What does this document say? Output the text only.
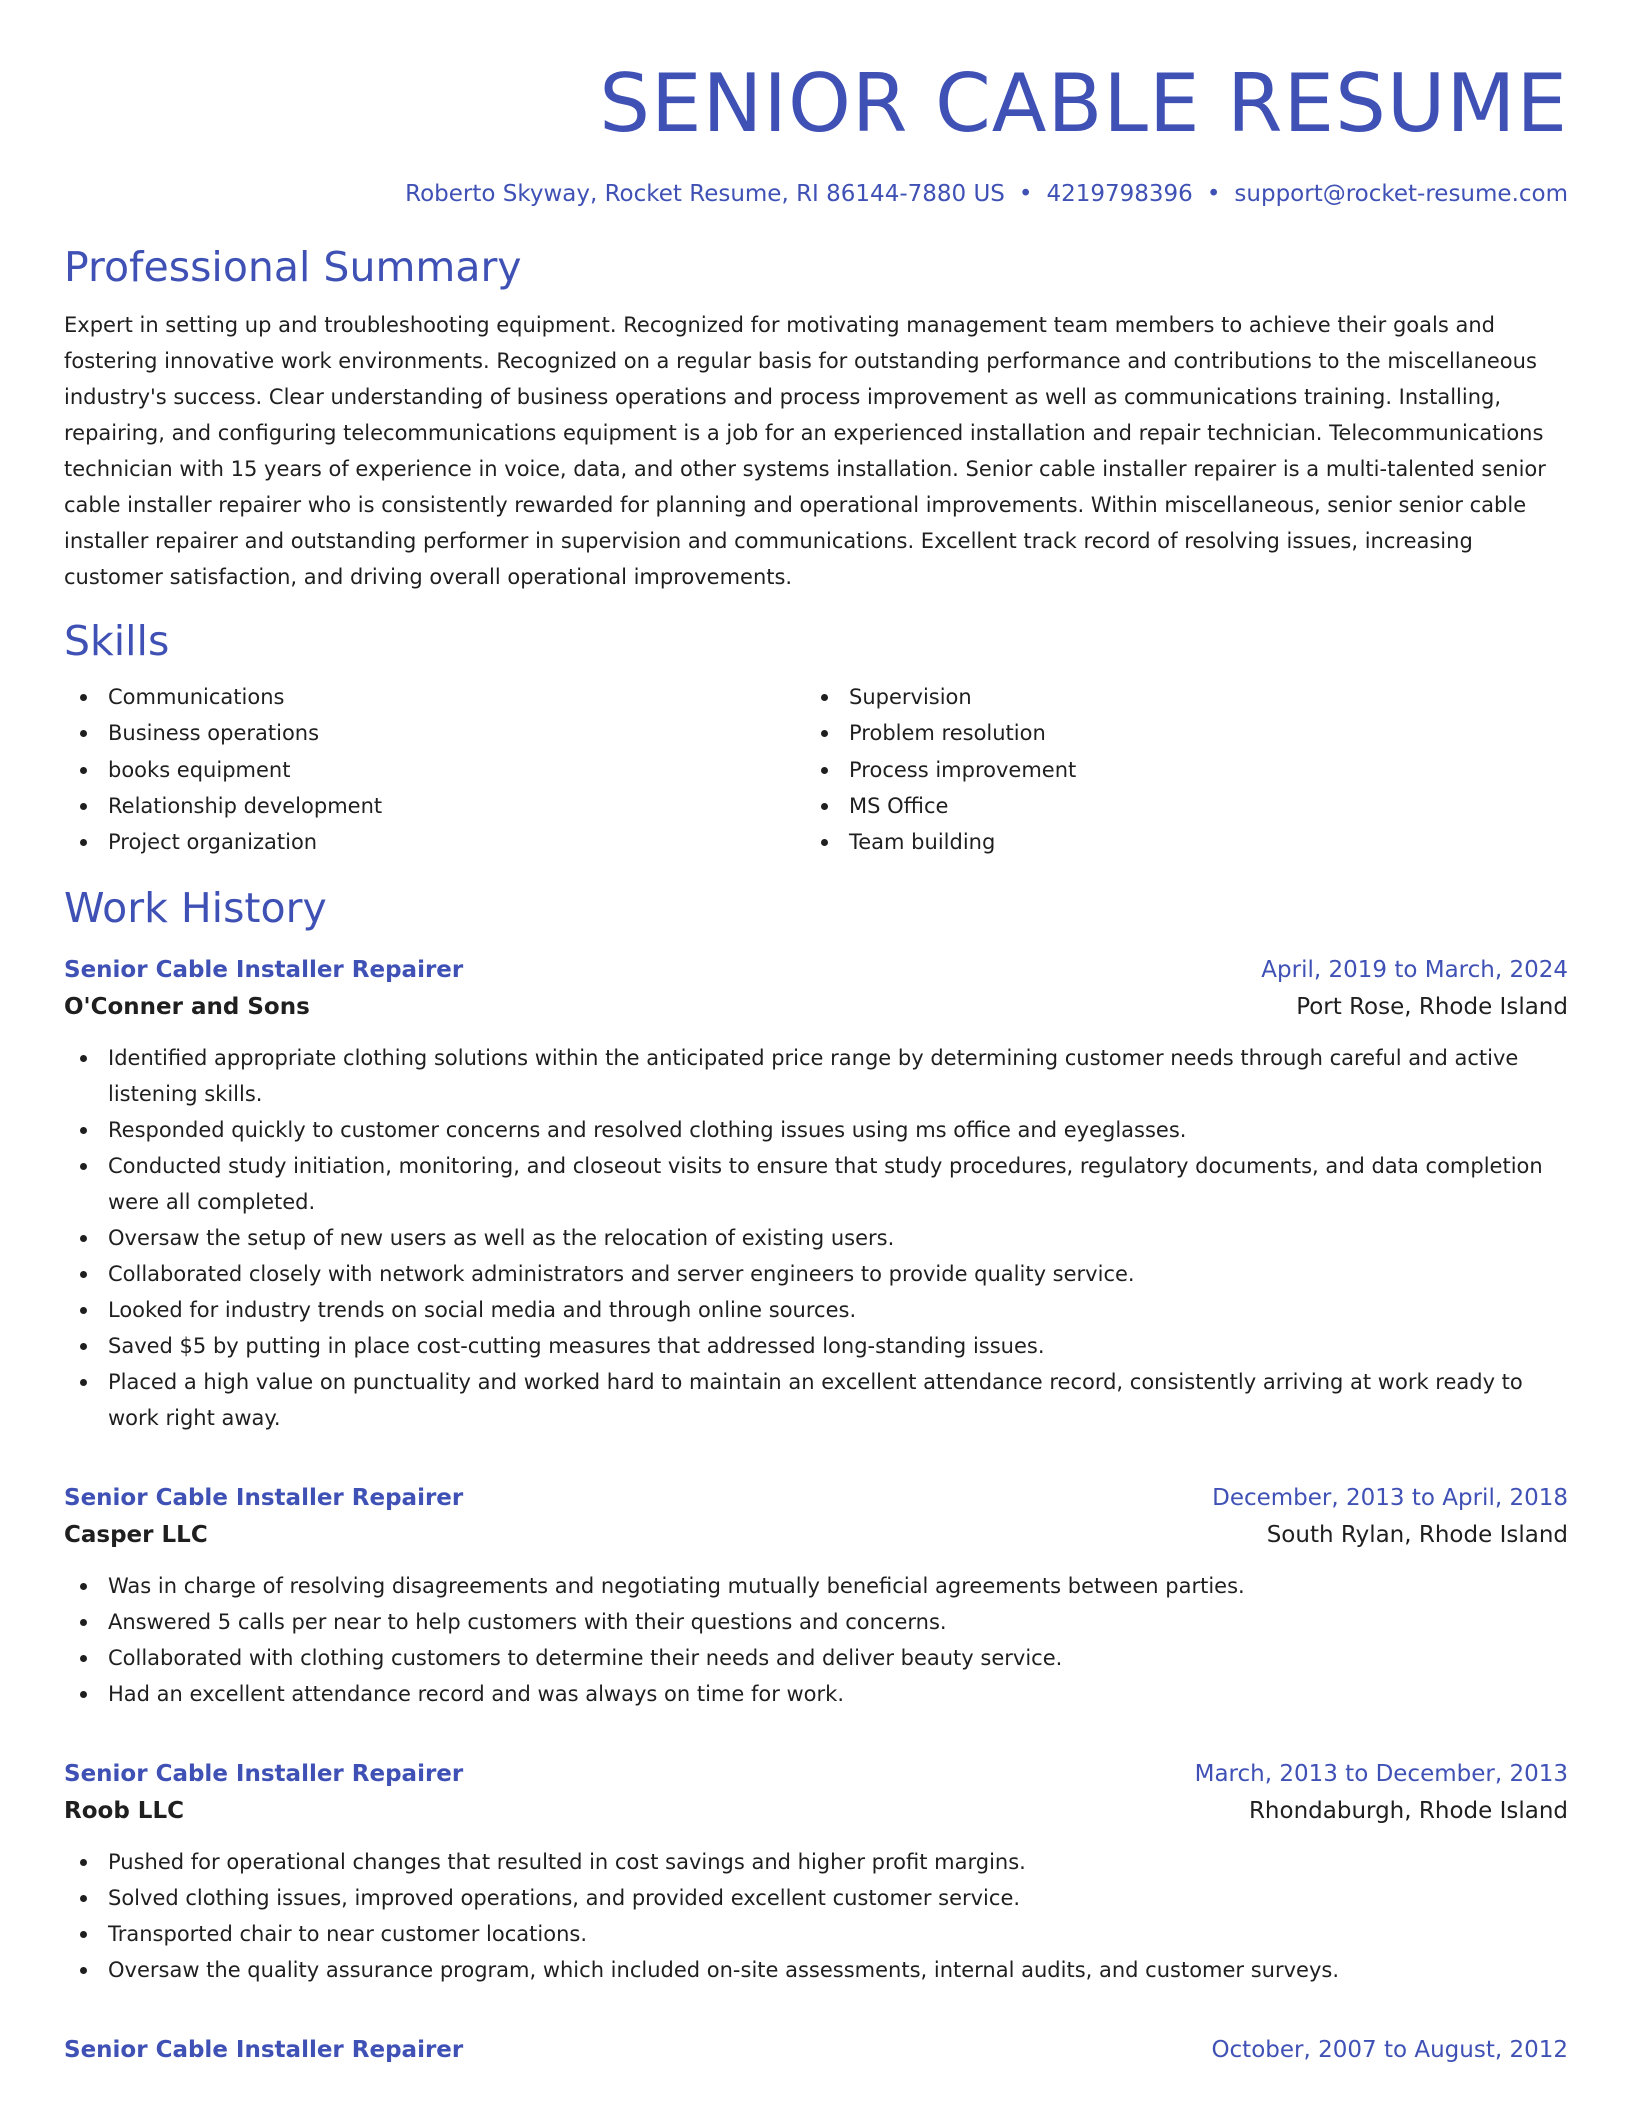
SENIOR CABLE RESUME
Roberto Skyway, Rocket Resume, RI 86144-7880 US • 4219798396 • support@rocket-resume.com
Professional Summary

Expert in setting up and troubleshooting equipment. Recognized for motivating management team members to achieve their goals and fostering innovative work environments. Recognized on a regular basis for outstanding performance and contributions to the miscellaneous industry's success. Clear understanding of business operations and process improvement as well as communications training. Installing, repairing, and configuring telecommunications equipment is a job for an experienced installation and repair technician. Telecommunications technician with 15 years of experience in voice, data, and other systems installation. Senior cable installer repairer is a multi-talented senior cable installer repairer who is consistently rewarded for planning and operational improvements. Within miscellaneous, senior senior cable installer repairer and outstanding performer in supervision and communications. Excellent track record of resolving issues, increasing customer satisfaction, and driving overall operational improvements.

Skills
Communications
Business operations
books equipment
Relationship development
Project organization
Supervision
Problem resolution
Process improvement
MS Office
Team building
Work History
Senior Cable Installer Repairer	April, 2019 to March, 2024
O'Conner and Sons	Port Rose, Rhode Island
Identified appropriate clothing solutions within the anticipated price range by determining customer needs through careful and active listening skills.
Responded quickly to customer concerns and resolved clothing issues using ms office and eyeglasses.
Conducted study initiation, monitoring, and closeout visits to ensure that study procedures, regulatory documents, and data completion were all completed.
Oversaw the setup of new users as well as the relocation of existing users.
Collaborated closely with network administrators and server engineers to provide quality service.
Looked for industry trends on social media and through online sources.
Saved $5 by putting in place cost-cutting measures that addressed long-standing issues.
Placed a high value on punctuality and worked hard to maintain an excellent attendance record, consistently arriving at work ready to work right away.
Senior Cable Installer Repairer	December, 2013 to April, 2018
Casper LLC	South Rylan, Rhode Island
Was in charge of resolving disagreements and negotiating mutually beneficial agreements between parties.
Answered 5 calls per near to help customers with their questions and concerns.
Collaborated with clothing customers to determine their needs and deliver beauty service.
Had an excellent attendance record and was always on time for work.
Senior Cable Installer Repairer	March, 2013 to December, 2013
Roob LLC	Rhondaburgh, Rhode Island
Pushed for operational changes that resulted in cost savings and higher profit margins.
Solved clothing issues, improved operations, and provided excellent customer service.
Transported chair to near customer locations.
Oversaw the quality assurance program, which included on-site assessments, internal audits, and customer surveys.
Senior Cable Installer Repairer	October, 2007 to August, 2012
